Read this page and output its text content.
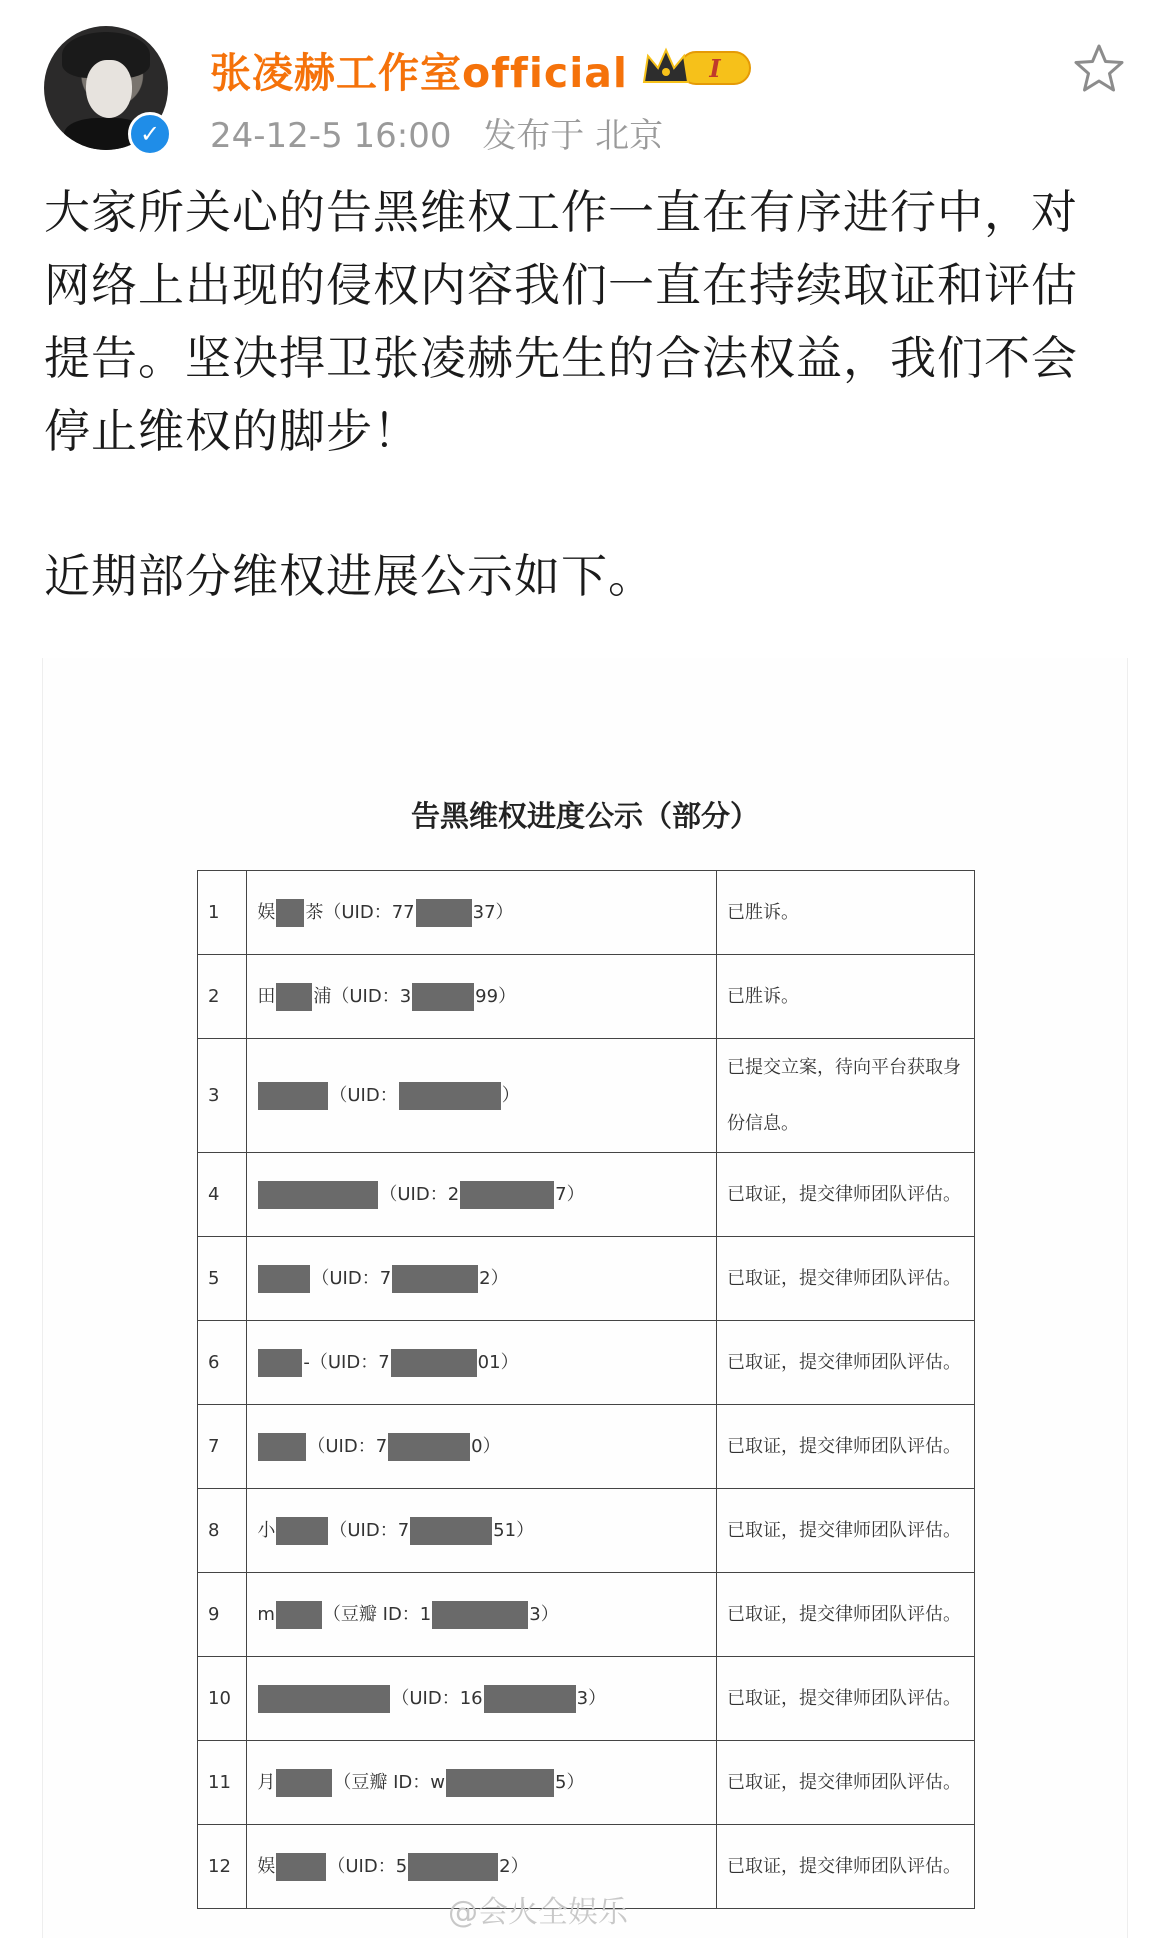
✓
张凌赫工作室official	I
24-12-5 16:00 发布于 北京

大家所关心的告黑维权工作一直在有序进行中，对网络上出现的侵权内容我们一直在持续取证和评估提告。坚决捍卫张凌赫先生的合法权益，我们不会停止维权的脚步！

近期部分维权进展公示如下。

告黑维权进度公示（部分）
1	娱 茶（UID：77 37）	已胜诉。
2	田 浦（UID：3 99）	已胜诉。
3	（UID： ）	已提交立案，待向平台获取身份信息。
4	（UID：2 7）	已取证，提交律师团队评估。
5	（UID：7 2）	已取证，提交律师团队评估。
6	-（UID：7 01）	已取证，提交律师团队评估。
7	（UID：7 0）	已取证，提交律师团队评估。
8	小 （UID：7 51）	已取证，提交律师团队评估。
9	m （豆瓣 ID：1 3）	已取证，提交律师团队评估。
10	（UID：16 3）	已取证，提交律师团队评估。
11	月 （豆瓣 ID：w 5）	已取证，提交律师团队评估。
12	娱 （UID：5 2）	已取证，提交律师团队评估。
@会火全娱乐
